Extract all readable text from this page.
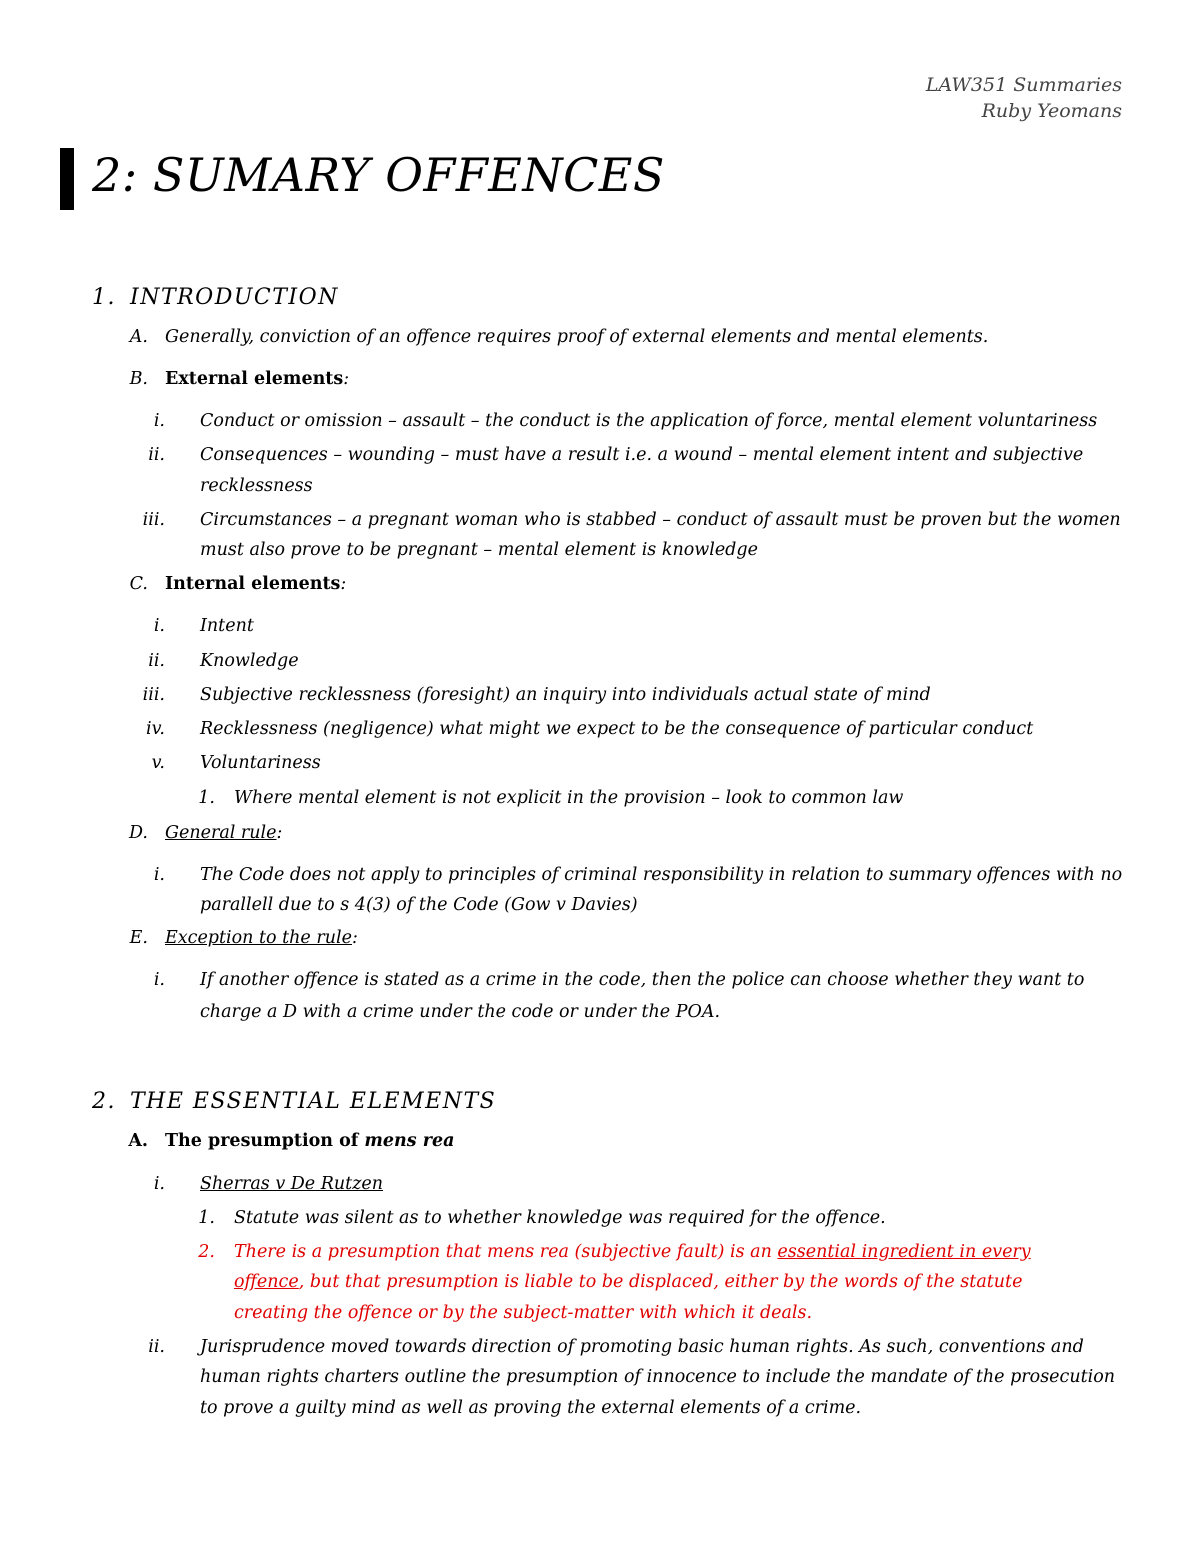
LAW351 Summaries
Ruby Yeomans
2: SUMARY OFFENCES
1. INTRODUCTION
A. Generally, conviction of an offence requires proof of external elements and mental elements.
B. External elements:
i. Conduct or omission – assault – the conduct is the application of force, mental element voluntariness
ii. Consequences – wounding – must have a result i.e. a wound – mental element intent and subjective
recklessness
iii. Circumstances – a pregnant woman who is stabbed – conduct of assault must be proven but the women
must also prove to be pregnant – mental element is knowledge
C. Internal elements:
i. Intent
ii. Knowledge
iii. Subjective recklessness (foresight) an inquiry into individuals actual state of mind
iv. Recklessness (negligence) what might we expect to be the consequence of particular conduct
v. Voluntariness
1. Where mental element is not explicit in the provision – look to common law
D. General rule:
i. The Code does not apply to principles of criminal responsibility in relation to summary offences with no
parallell due to s 4(3) of the Code (Gow v Davies)
E. Exception to the rule:
i. If another offence is stated as a crime in the code, then the police can choose whether they want to
charge a D with a crime under the code or under the POA.
2. THE ESSENTIAL ELEMENTS
A. The presumption of mens rea
i. Sherras v De Rutzen
1. Statute was silent as to whether knowledge was required for the offence.
2. There is a presumption that mens rea (subjective fault) is an essential ingredient in every
offence, but that presumption is liable to be displaced, either by the words of the statute
creating the offence or by the subject-matter with which it deals.
ii. Jurisprudence moved towards direction of promoting basic human rights. As such, conventions and
human rights charters outline the presumption of innocence to include the mandate of the prosecution
to prove a guilty mind as well as proving the external elements of a crime.
